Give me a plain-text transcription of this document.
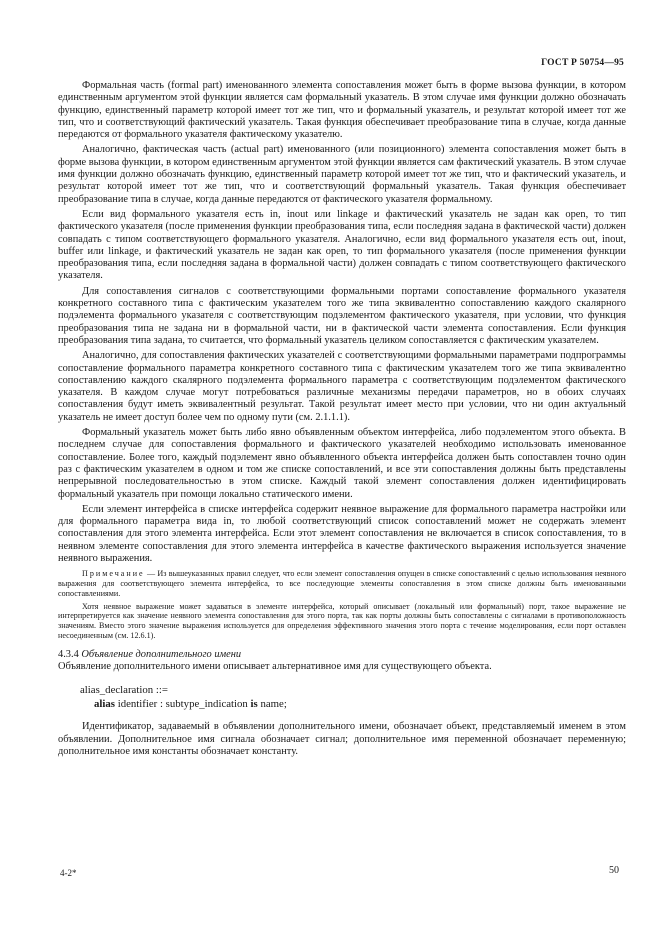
ГОСТ Р 50754—95

Формальная часть (formal part) именованного элемента сопоставления может быть в форме вызова функции, в котором единственным аргументом этой функции является сам формальный указатель. В этом случае имя функции должно обозначать функцию, единственный параметр которой имеет тот же тип, что и формальный указатель, и результат которой имеет тот же тип, что и соответствующий фактический указатель. Такая функция обеспечивает преобразование типа в случае, когда данные передаются от формального указателя фактическому указателю.

Аналогично, фактическая часть (actual part) именованного (или позиционного) элемента сопоставления может быть в форме вызова функции, в котором единственным аргументом этой функции является сам фактический указатель. В этом случае имя функции должно обозначать функцию, единственный параметр которой имеет тот же тип, что и фактический указатель, и результат которой имеет тот же тип, что и соответствующий формальный указатель. Такая функция обеспечивает преобразование типа в случае, когда данные передаются от фактического указателя формальному.

Если вид формального указателя есть in, inout или linkage и фактический указатель не задан как open, то тип фактического указателя (после применения функции преобразования типа, если последняя задана в фактической части) должен совпадать с типом соответствующего формального указателя. Аналогично, если вид формального указателя есть out, inout, buffer или linkage, и фактический указатель не задан как open, то тип формального указателя (после применения функции преобразования типа, если последняя задана в формальной части) должен совпадать с типом соответствующего фактического указателя.

Для сопоставления сигналов с соответствующими формальными портами сопоставление формального указателя конкретного составного типа с фактическим указателем того же типа эквивалентно сопоставлению каждого скалярного подэлемента формального указателя с соответствующим подэлементом фактического указателя, при условии, что функция преобразования типа не задана ни в формальной части, ни в фактической части элемента сопоставления. Если функция преобразования типа задана, то считается, что формальный указатель целиком сопоставляется с фактическим указателем.

Аналогично, для сопоставления фактических указателей с соответствующими формальными параметрами подпрограммы сопоставление формального параметра конкретного составного типа с фактическим указателем того же типа эквивалентно сопоставлению каждого скалярного подэлемента формального параметра с соответствующим подэлементом фактического указателя. В каждом случае могут потребоваться различные механизмы передачи параметров, но в обоих случаях сопоставления будут иметь эквивалентный результат. Такой результат имеет место при условии, что ни один актуальный указатель не имеет доступ более чем по одному пути (см. 2.1.1.1).

Формальный указатель может быть либо явно объявленным объектом интерфейса, либо подэлементом этого объекта. В последнем случае для сопоставления формального и фактического указателей необходимо использовать именованное сопоставление. Более того, каждый подэлемент явно объявленного объекта интерфейса должен быть сопоставлен точно один раз с фактическим указателем в одном и том же списке сопоставлений, и все эти сопоставления должны быть представлены непрерывной последовательностью в этом списке. Каждый такой элемент сопоставления должен идентифицировать формальный указатель при помощи локально статического имени.

Если элемент интерфейса в списке интерфейса содержит неявное выражение для формального параметра настройки или для формального параметра вида in, то любой соответствующий список сопоставлений может не содержать элемент сопоставления для этого элемента интерфейса. Если этот элемент сопоставления не включается в список сопоставления, то в неявном элементе сопоставления для этого элемента интерфейса в качестве фактического выражения используется значение неявного выражения.

Примечание — Из вышеуказанных правил следует, что если элемент сопоставления опущен в списке сопоставлений с целью использования неявного выражения для соответствующего элемента интерфейса, то все последующие элементы сопоставления в этом списке должны быть именованными сопоставлениями.

Хотя неявное выражение может задаваться в элементе интерфейса, который описывает (локальный или формальный) порт, такое выражение не интерпретируется как значение неявного элемента сопоставления для этого порта, так как порты должны быть сопоставлены с сигналами в противоположность значениям. Вместо этого значение выражения используется для определения эффективного значения этого порта с течение моделирования, если порт оставлен несоединенным (см. 12.6.1).

4.3.4 Объявление дополнительного имени

Объявление дополнительного имени описывает альтернативное имя для существующего объекта.

alias_declaration ::=
alias identifier : subtype_indication is name;

Идентификатор, задаваемый в объявлении дополнительного имени, обозначает объект, представляемый именем в этом объявлении. Дополнительное имя сигнала обозначает сигнал; дополнительное имя переменной обозначает переменную; дополнительное имя константы обозначает константу.

4-2*	50
